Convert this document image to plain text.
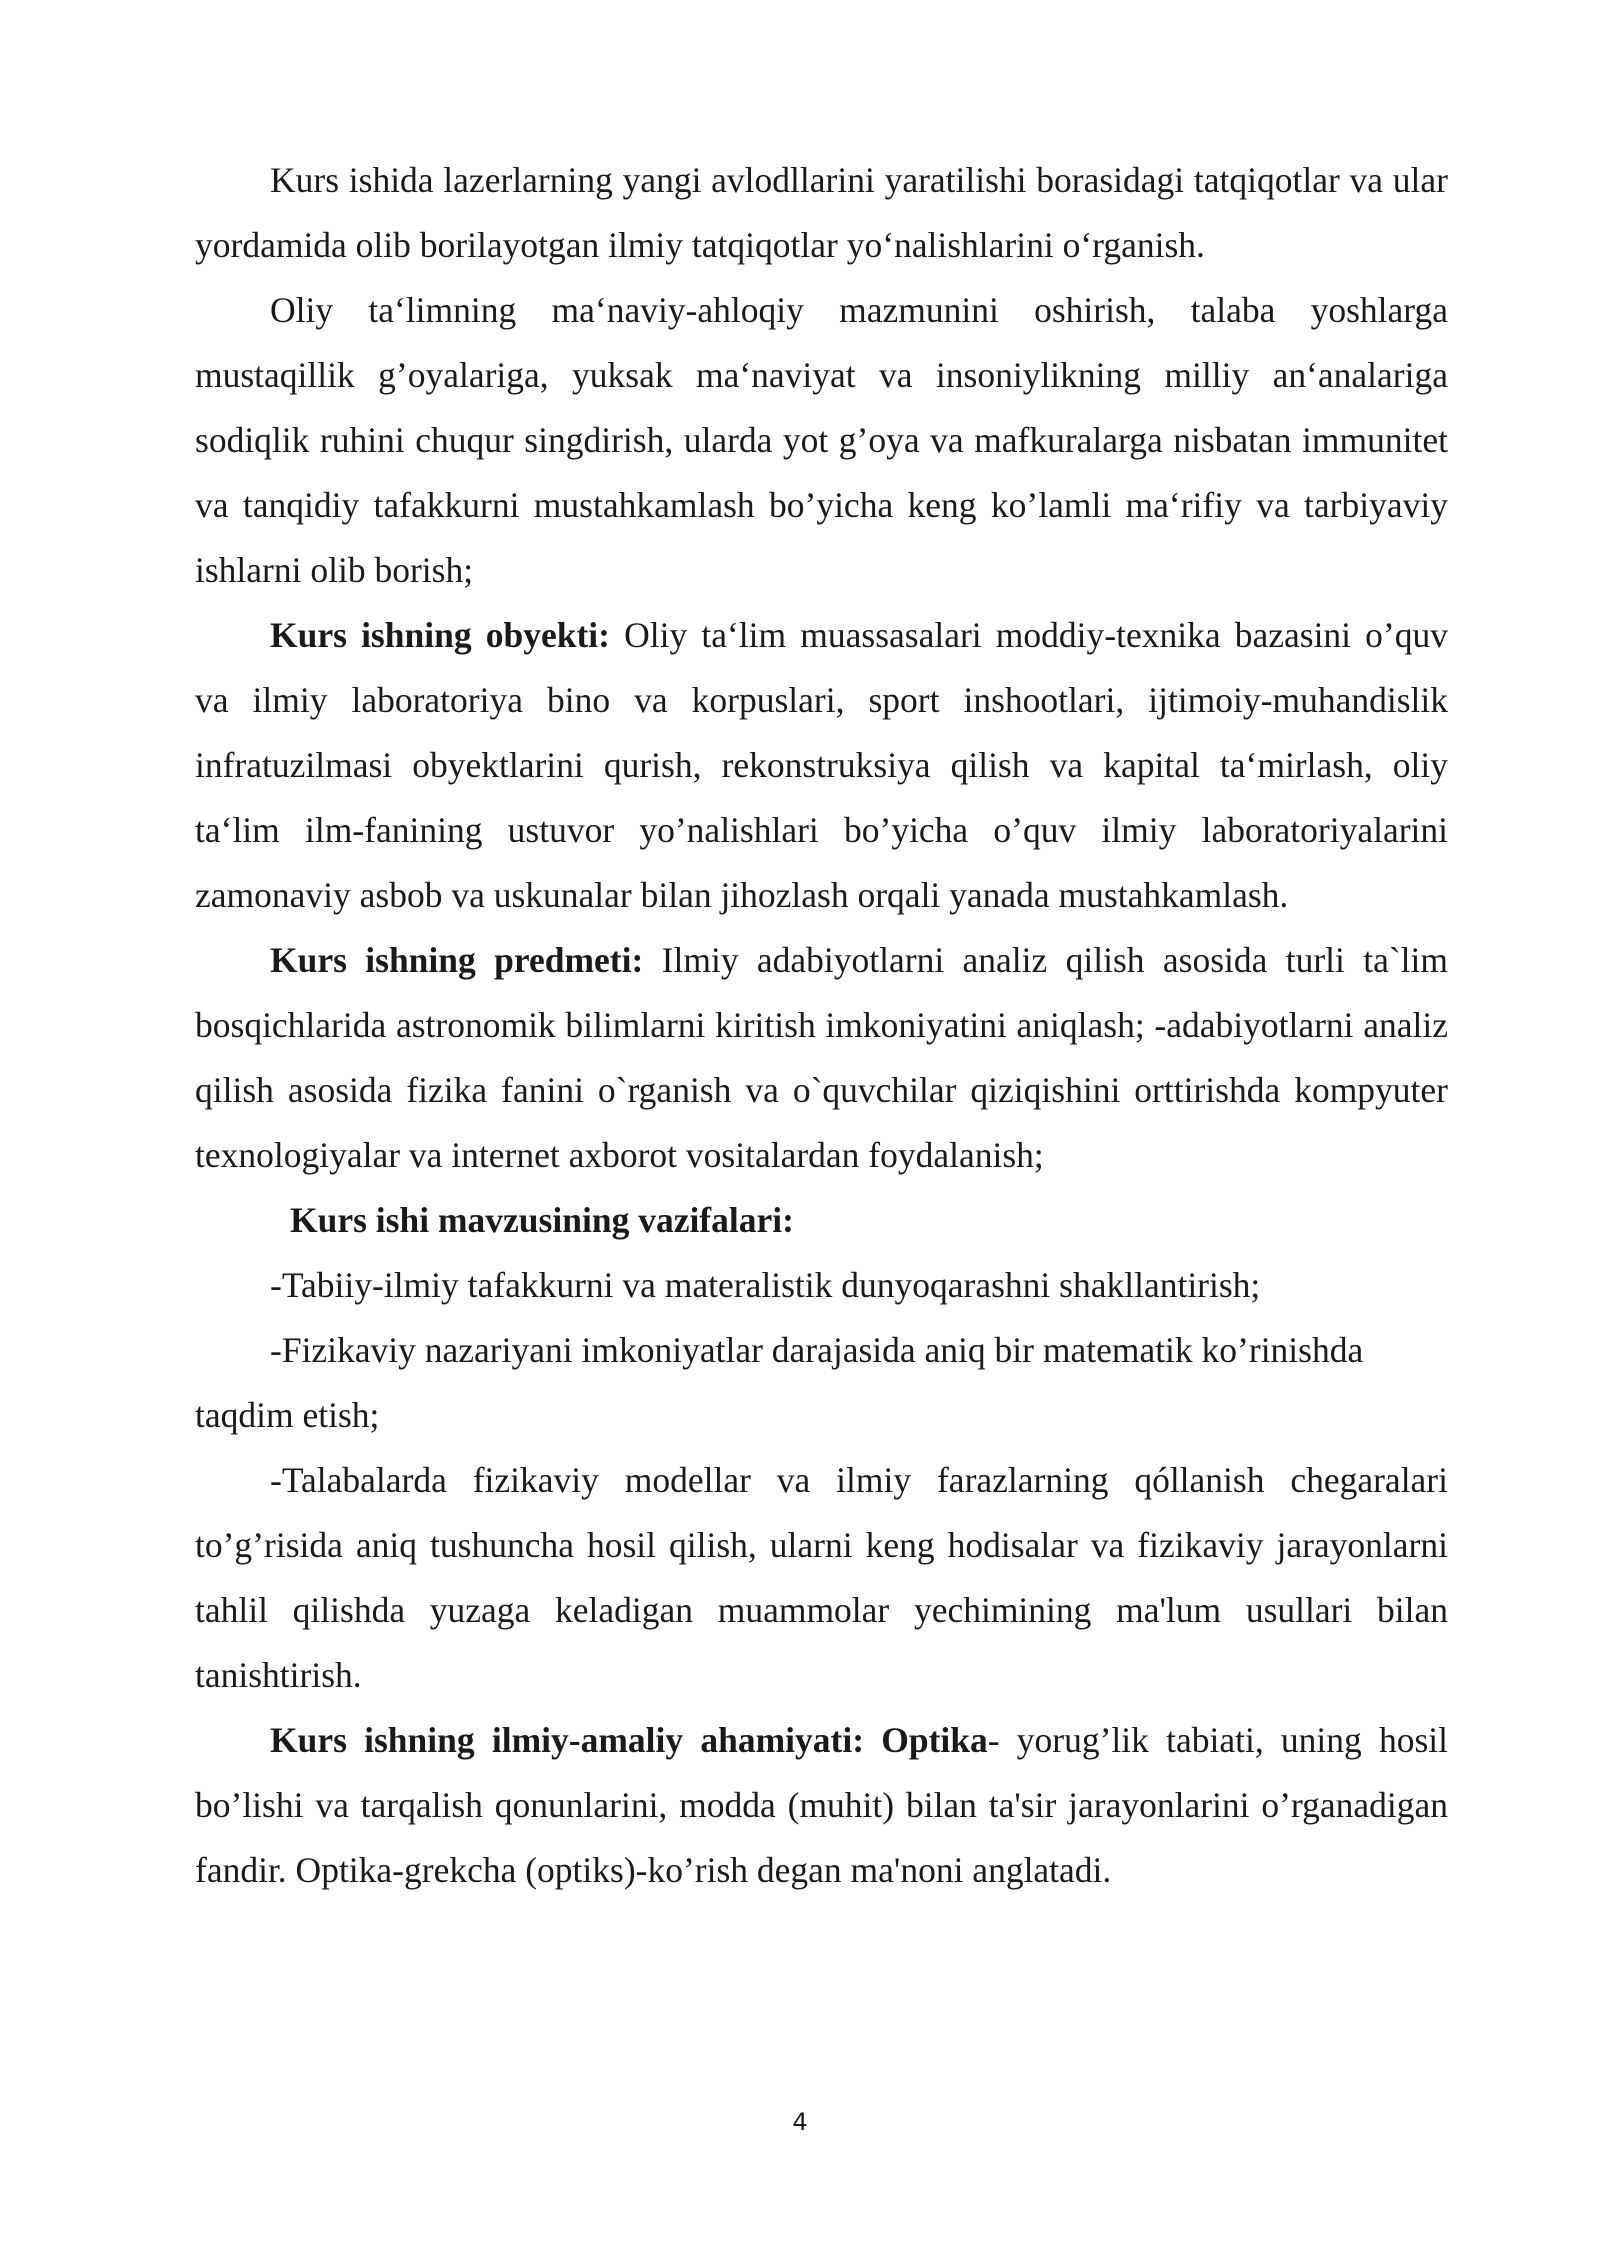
Kurs ishida lazerlarning yangi avlodllarini yaratilishi borasidagi tatqiqotlar va ular yordamida olib borilayotgan ilmiy tatqiqotlar yo‘nalishlarini o‘rganish.

Oliy ta‘limning ma‘naviy-ahloqiy mazmunini oshirish, talaba yoshlarga mustaqillik g’oyalariga, yuksak ma‘naviyat va insoniylikning milliy an‘analariga sodiqlik ruhini chuqur singdirish, ularda yot g’oya va mafkuralarga nisbatan immunitet va tanqidiy tafakkurni mustahkamlash bo’yicha keng ko’lamli ma‘rifiy va tarbiyaviy ishlarni olib borish;

Kurs ishning obyekti: Oliy ta‘lim muassasalari moddiy-texnika bazasini o’quv va ilmiy laboratoriya bino va korpuslari, sport inshootlari, ijtimoiy-muhandislik infratuzilmasi obyektlarini qurish, rekonstruksiya qilish va kapital ta‘mirlash, oliy ta‘lim ilm-fanining ustuvor yo’nalishlari bo’yicha o’quv ilmiy laboratoriyalarini zamonaviy asbob va uskunalar bilan jihozlash orqali yanada mustahkamlash.

Kurs ishning predmeti: Ilmiy adabiyotlarni analiz qilish asosida turli ta`lim bosqichlarida astronomik bilimlarni kiritish imkoniyatini aniqlash; -adabiyotlarni analiz qilish asosida fizika fanini o`rganish va o`quvchilar qiziqishini orttirishda kompyuter texnologiyalar va internet axborot vositalardan foydalanish;

Kurs ishi mavzusining vazifalari:

-Tabiiy-ilmiy tafakkurni va materalistik dunyoqarashni shakllantirish;

-Fizikaviy nazariyani imkoniyatlar darajasida aniq bir matematik ko’rinishda taqdim etish;

-Talabalarda fizikaviy modellar va ilmiy farazlarning qóllanish chegaralari to’g’risida aniq tushuncha hosil qilish, ularni keng hodisalar va fizikaviy jarayonlarni tahlil qilishda yuzaga keladigan muammolar yechimining ma'lum usullari bilan tanishtirish.

Kurs ishning ilmiy-amaliy ahamiyati: Optika- yorug’lik tabiati, uning hosil bo’lishi va tarqalish qonunlarini, modda (muhit) bilan ta'sir jarayonlarini o’rganadigan fandir. Optika-grekcha (optiks)-ko’rish degan ma'noni anglatadi.

4
